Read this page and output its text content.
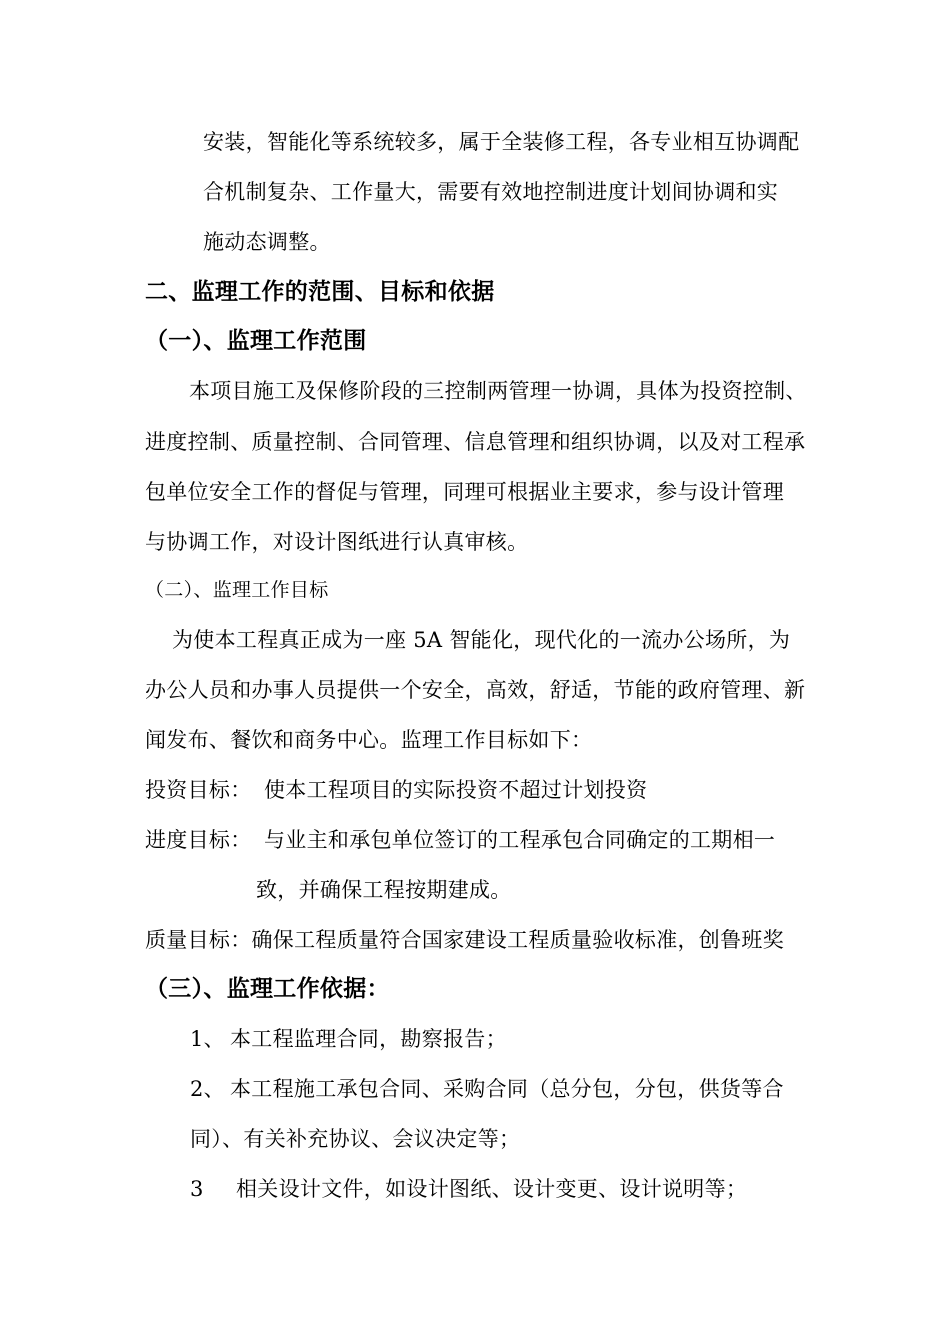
安装，智能化等系统较多，属于全装修工程，各专业相互协调配
合机制复杂、工作量大，需要有效地控制进度计划间协调和实
施动态调整。
二、监理工作的范围、目标和依据
（一）、监理工作范围
本项目施工及保修阶段的三控制两管理一协调，具体为投资控制、
进度控制、质量控制、合同管理、信息管理和组织协调，以及对工程承
包单位安全工作的督促与管理，同理可根据业主要求，参与设计管理
与协调工作，对设计图纸进行认真审核。
（二）、监理工作目标
为使本工程真正成为一座 5A 智能化，现代化的一流办公场所，为
办公人员和办事人员提供一个安全，高效，舒适，节能的政府管理、新
闻发布、餐饮和商务中心。监理工作目标如下：
投资目标： 使本工程项目的实际投资不超过计划投资
进度目标： 与业主和承包单位签订的工程承包合同确定的工期相一
致，并确保工程按期建成。
质量目标：确保工程质量符合国家建设工程质量验收标准，创鲁班奖
（三）、监理工作依据：
1、 本工程监理合同，勘察报告；
2、 本工程施工承包合同、采购合同（总分包，分包，供货等合
同）、有关补充协议、会议决定等；
3 相关设计文件，如设计图纸、设计变更、设计说明等；
